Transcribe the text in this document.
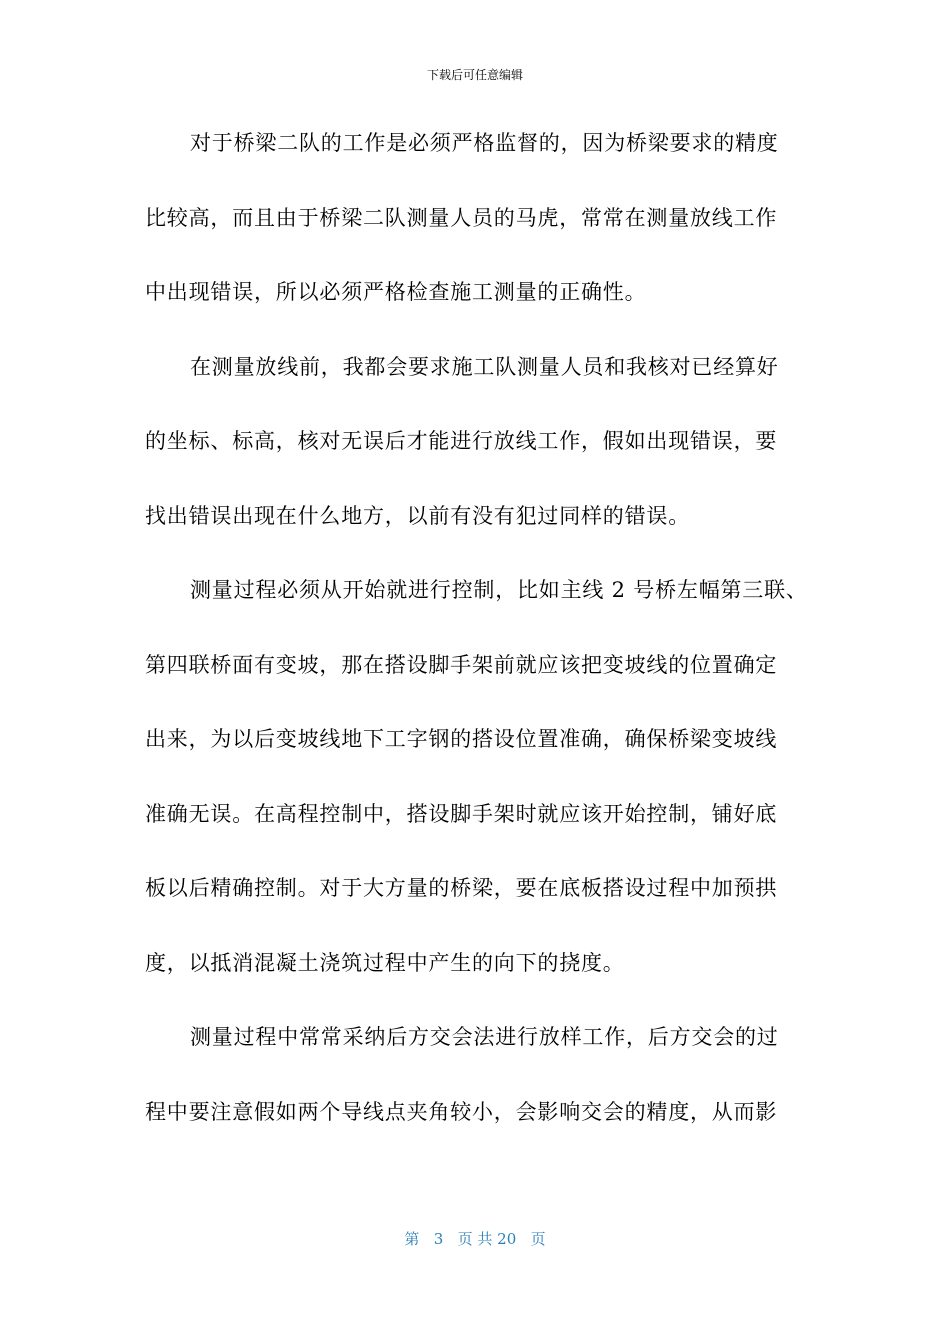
下载后可任意编辑
对于桥梁二队的工作是必须严格监督的，因为桥梁要求的精度
比较高，而且由于桥梁二队测量人员的马虎，常常在测量放线工作
中出现错误，所以必须严格检查施工测量的正确性。
在测量放线前，我都会要求施工队测量人员和我核对已经算好
的坐标、标高，核对无误后才能进行放线工作，假如出现错误，要
找出错误出现在什么地方，以前有没有犯过同样的错误。
测量过程必须从开始就进行控制，比如主线 2 号桥左幅第三联、
第四联桥面有变坡，那在搭设脚手架前就应该把变坡线的位置确定
出来，为以后变坡线地下工字钢的搭设位置准确，确保桥梁变坡线
准确无误。在高程控制中，搭设脚手架时就应该开始控制，铺好底
板以后精确控制。对于大方量的桥梁，要在底板搭设过程中加预拱
度，以抵消混凝土浇筑过程中产生的向下的挠度。
测量过程中常常采纳后方交会法进行放样工作，后方交会的过
程中要注意假如两个导线点夹角较小，会影响交会的精度，从而影
第 3 页 共 20 页
